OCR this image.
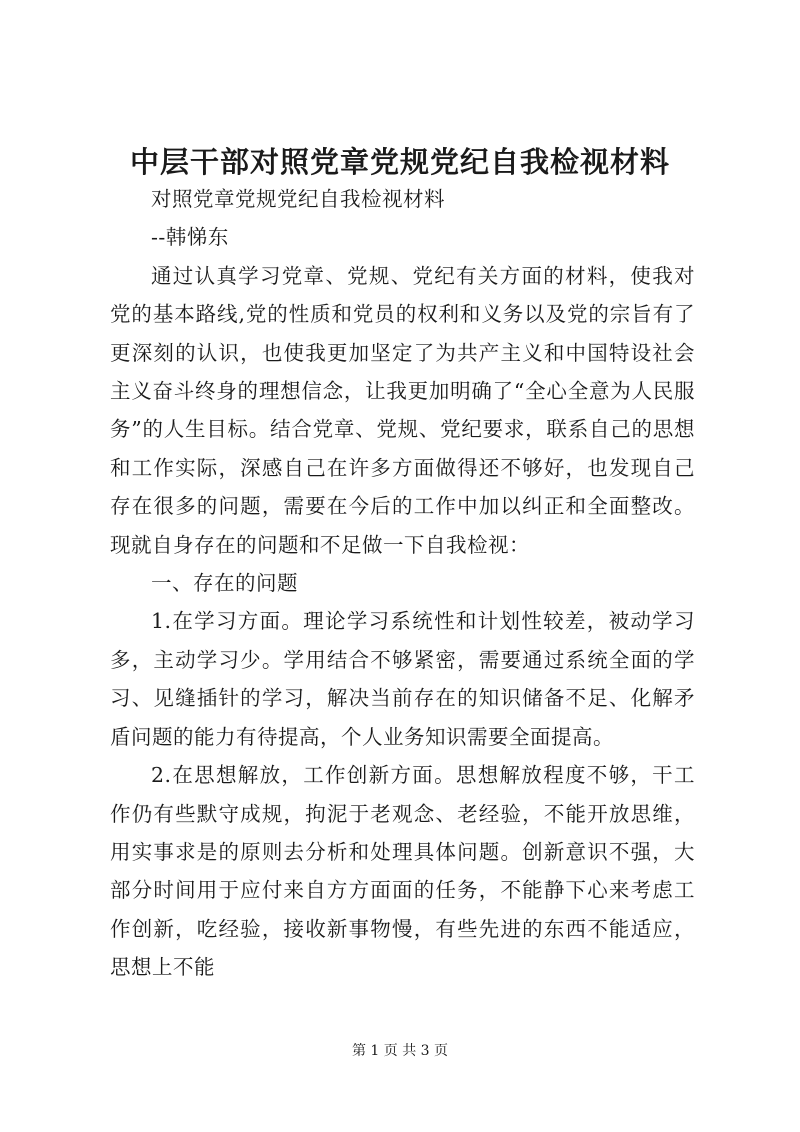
中层干部对照党章党规党纪自我检视材料

对照党章党规党纪自我检视材料

--韩悌东

通过认真学习党章、党规、党纪有关方面的材料，使我对党的基本路线,党的性质和党员的权利和义务以及党的宗旨有了更深刻的认识，也使我更加坚定了为共产主义和中国特设社会主义奋斗终身的理想信念，让我更加明确了“全心全意为人民服务”的人生目标。结合党章、党规、党纪要求，联系自己的思想和工作实际，深感自己在许多方面做得还不够好，也发现自己存在很多的问题，需要在今后的工作中加以纠正和全面整改。现就自身存在的问题和不足做一下自我检视：

一、存在的问题

1.在学习方面。理论学习系统性和计划性较差，被动学习多，主动学习少。学用结合不够紧密，需要通过系统全面的学习、见缝插针的学习，解决当前存在的知识储备不足、化解矛盾问题的能力有待提高，个人业务知识需要全面提高。

2.在思想解放，工作创新方面。思想解放程度不够，干工作仍有些默守成规，拘泥于老观念、老经验，不能开放思维，用实事求是的原则去分析和处理具体问题。创新意识不强，大部分时间用于应付来自方方面面的任务，不能静下心来考虑工作创新，吃经验，接收新事物慢，有些先进的东西不能适应，思想上不能

第 1 页 共 3 页
